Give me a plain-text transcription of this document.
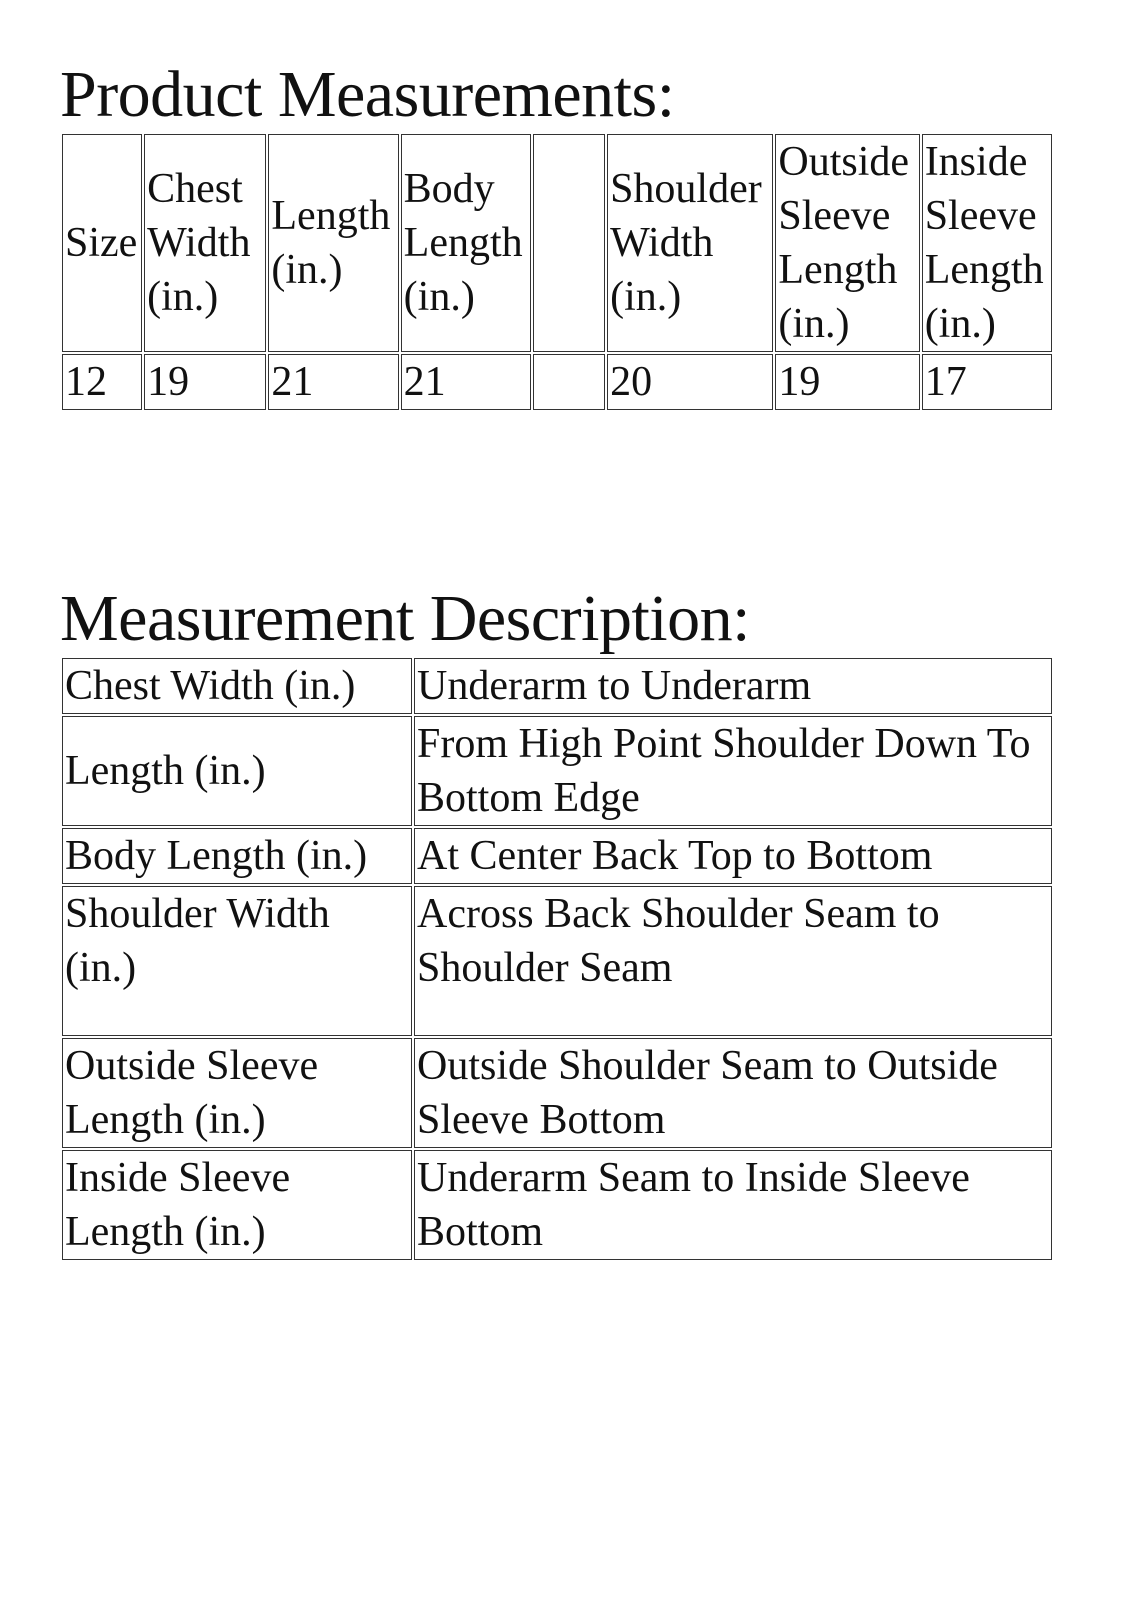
Product Measurements:
Size	Chest Width (in.)	Length (in.)	Body Length (in.)		Shoulder Width (in.)	Outside Sleeve Length (in.)	Inside Sleeve Length (in.)
12	19	21	21		20	19	17
Measurement Description:
Chest Width (in.)	Underarm to Underarm
Length (in.)	From High Point Shoulder Down To Bottom Edge
Body Length (in.)	At Center Back Top to Bottom
Shoulder Width (in.)	Across Back Shoulder Seam to Shoulder Seam
Outside Sleeve Length (in.)	Outside Shoulder Seam to Outside Sleeve Bottom
Inside Sleeve Length (in.)	Underarm Seam to Inside Sleeve Bottom
